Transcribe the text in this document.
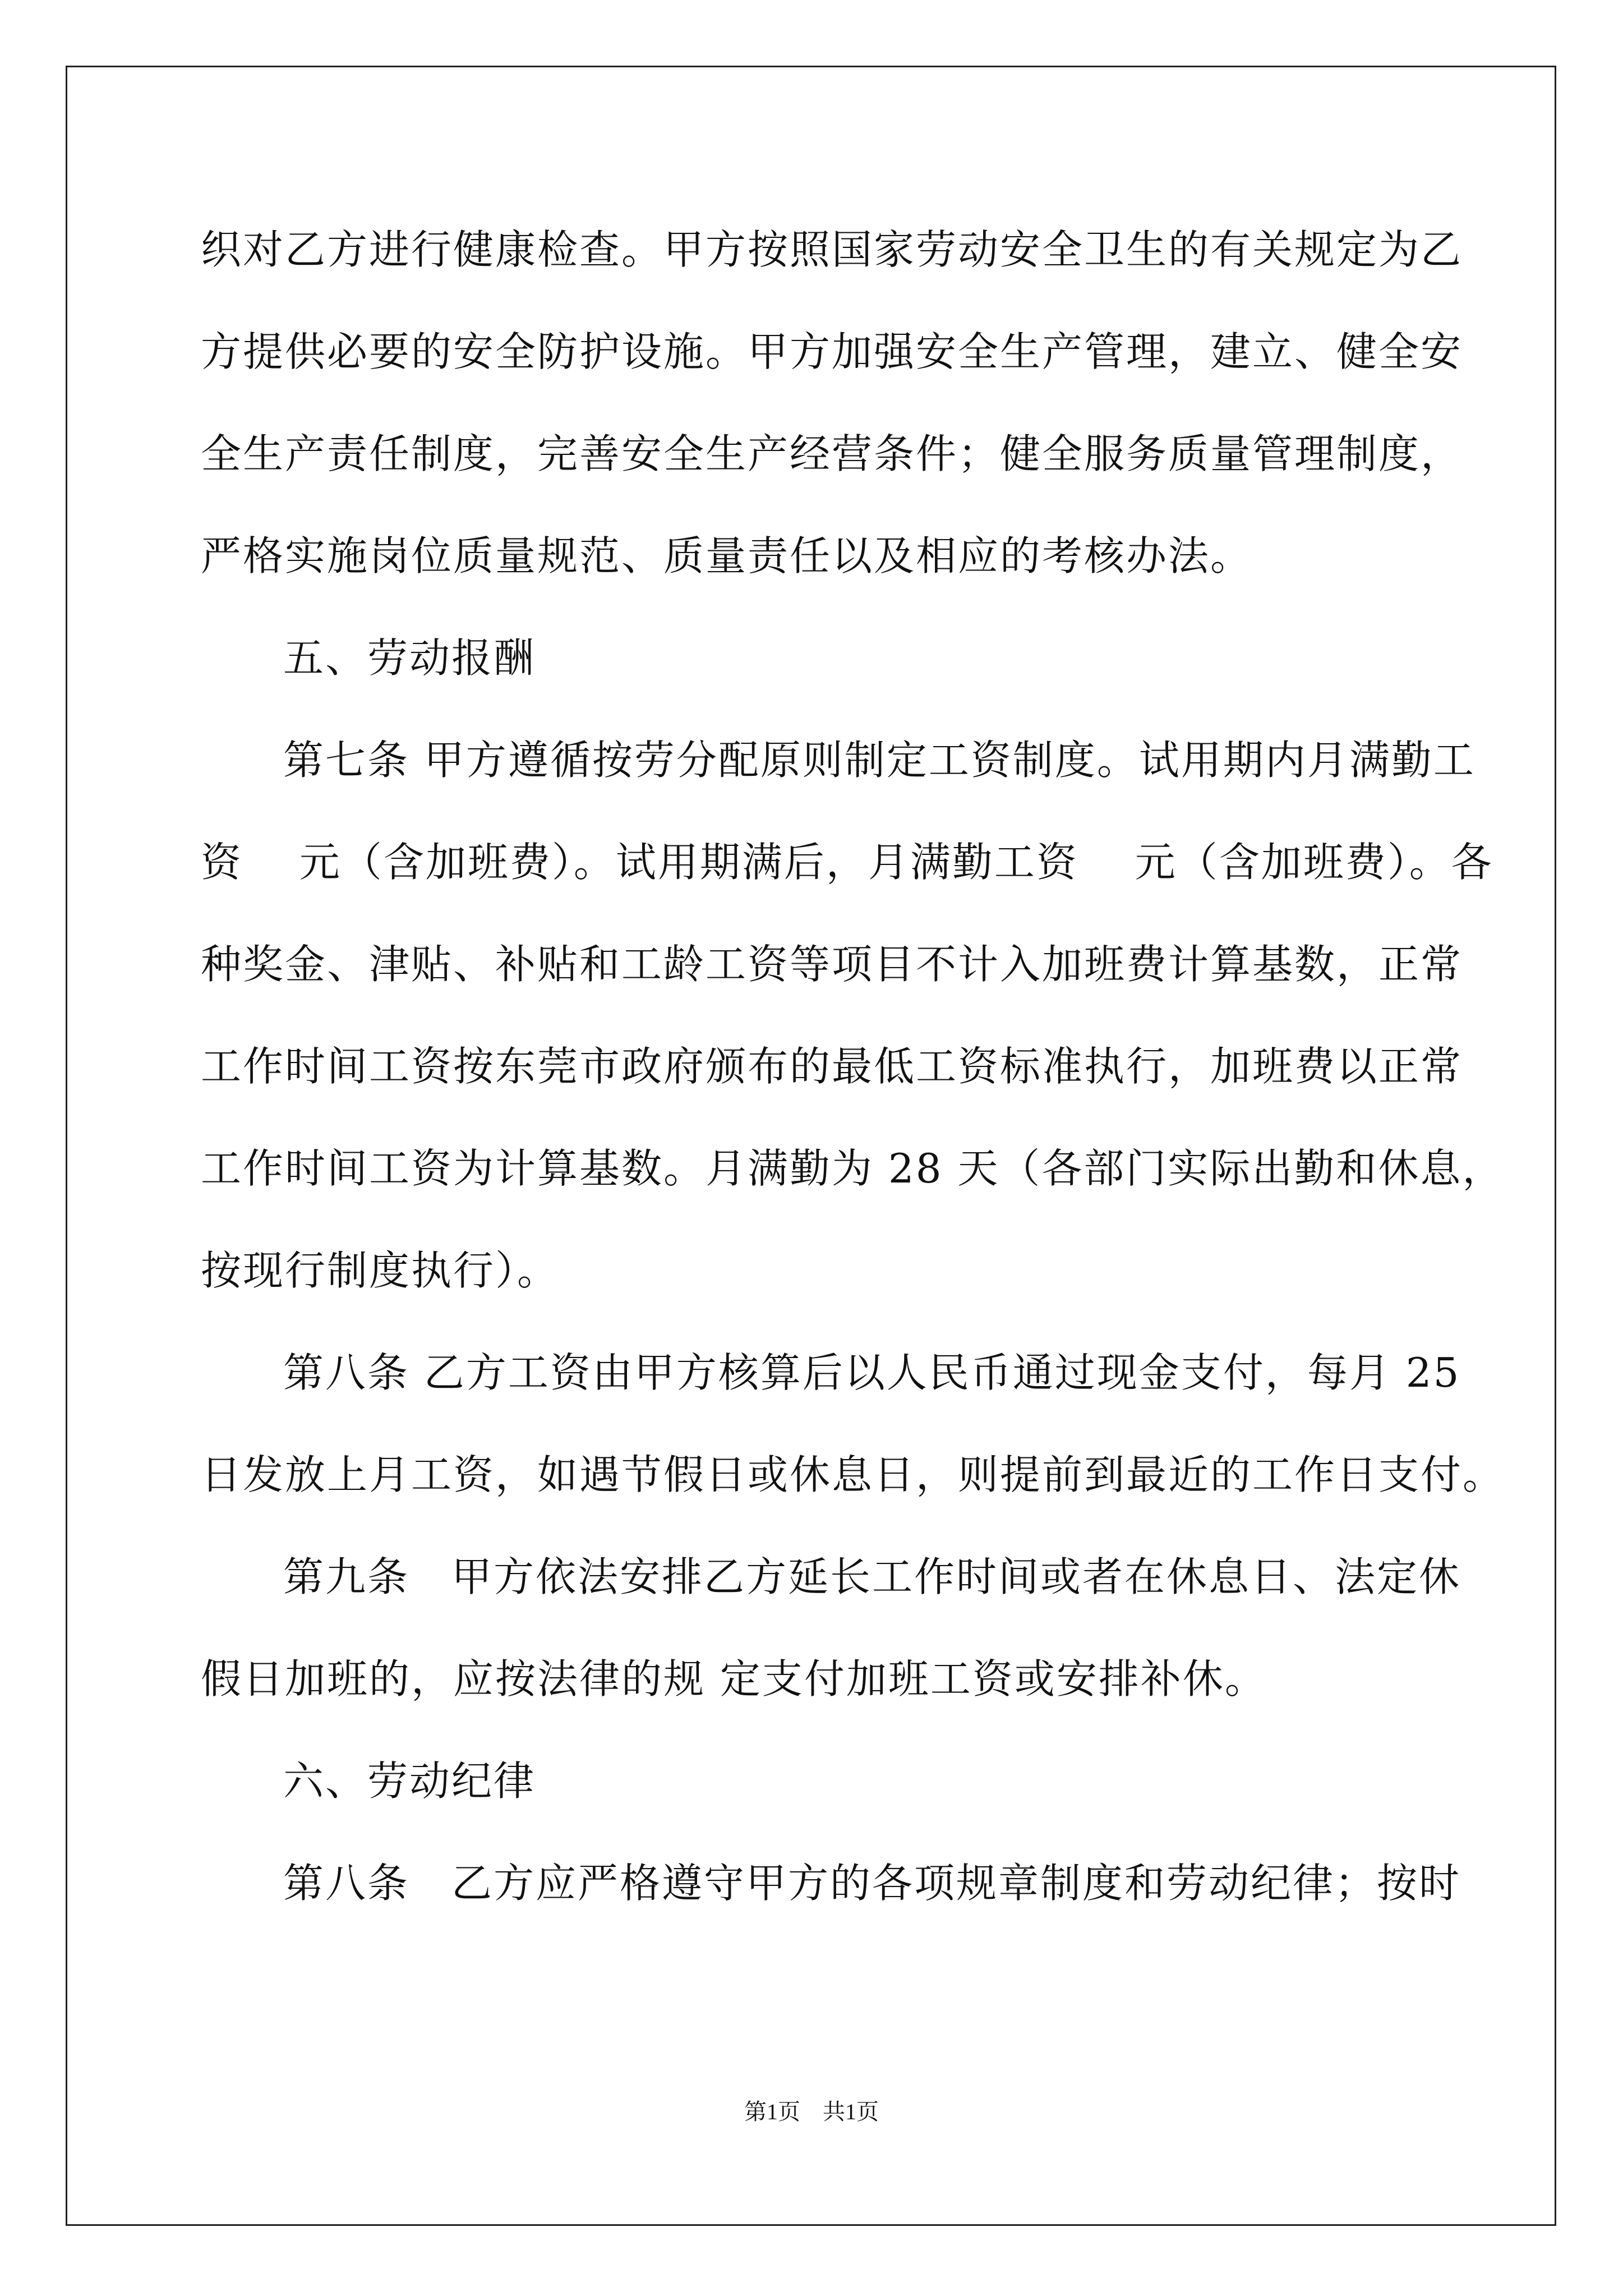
织对乙方进行健康检查。甲方按照国家劳动安全卫生的有关规定为乙
方提供必要的安全防护设施。甲方加强安全生产管理，建立、健全安
全生产责任制度，完善安全生产经营条件；健全服务质量管理制度，
严格实施岗位质量规范、质量责任以及相应的考核办法。
五、劳动报酬
第七条 甲方遵循按劳分配原则制定工资制度。试用期内月满勤工
资　 元（含加班费）。试用期满后，月满勤工资　 元（含加班费）。各
种奖金、津贴、补贴和工龄工资等项目不计入加班费计算基数，正常
工作时间工资按东莞市政府颁布的最低工资标准执行，加班费以正常
工作时间工资为计算基数。月满勤为 28 天（各部门实际出勤和休息，
按现行制度执行）。
第八条 乙方工资由甲方核算后以人民币通过现金支付，每月 25
日发放上月工资，如遇节假日或休息日，则提前到最近的工作日支付。
第九条　甲方依法安排乙方延长工作时间或者在休息日、法定休
假日加班的，应按法律的规 定支付加班工资或安排补休。
六、劳动纪律
第八条　乙方应严格遵守甲方的各项规章制度和劳动纪律；按时
第1页　共1页
